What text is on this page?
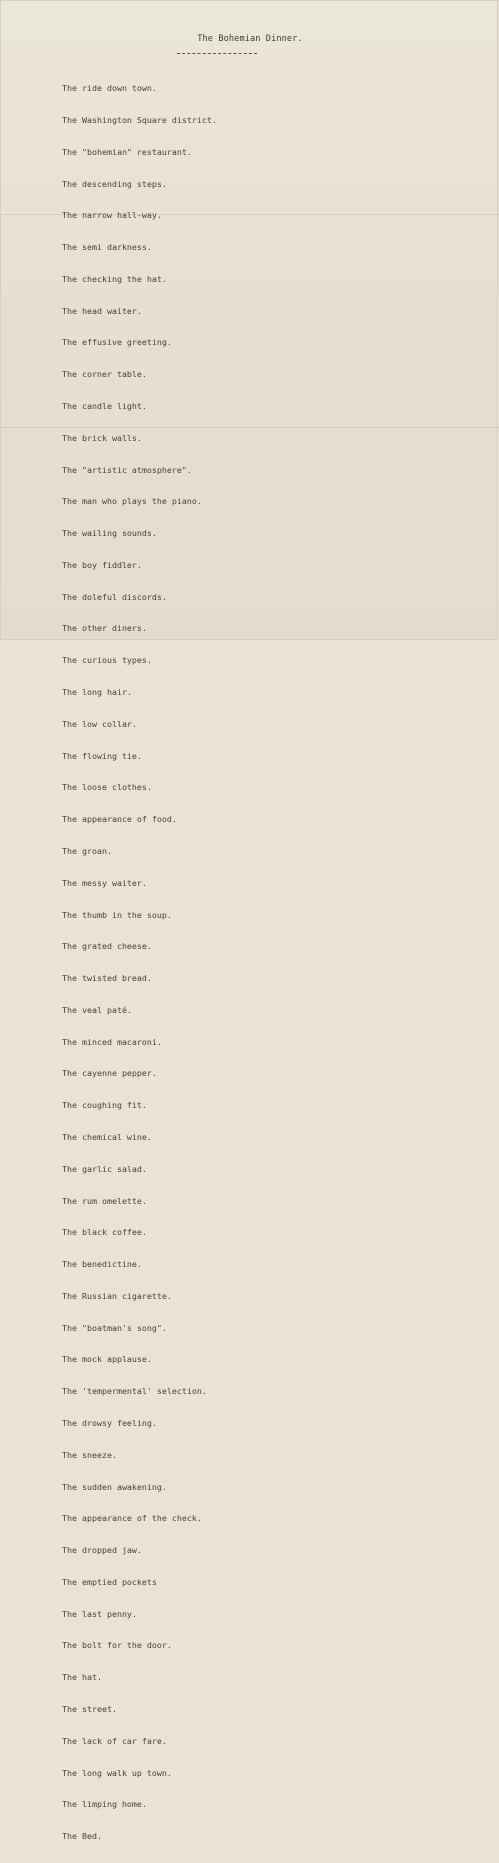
The Bohemian Dinner.

The ride down town.

The Washington Square district.

The "bohemian" restaurant.

The descending steps.

The narrow hall-way.

The semi darkness.

The checking the hat.

The head waiter.

The effusive greeting.

The corner table.

The candle light.

The brick walls.

The "artistic atmosphere".

The man who plays the piano.

The wailing sounds.

The boy fiddler.

The doleful discords.

The other diners.

The curious types.

The long hair.

The low collar.

The flowing tie.

The loose clothes.

The appearance of food.

The groan.

The messy waiter.

The thumb in the soup.

The grated cheese.

The twisted bread.

The veal paté.

The minced macaroni.

The cayenne pepper.

The coughing fit.

The chemical wine.

The garlic salad.

The rum omelette.

The black coffee.

The benedictine.

The Russian cigarette.

The "boatman's song".

The mock applause.

The 'tempermental' selection.

The drowsy feeling.

The sneeze.

The sudden awakening.

The appearance of the check.

The dropped jaw.

The emptied pockets

The last penny.

The bolt for the door.

The hat.

The street.

The lack of car fare.

The long walk up town.

The limping home.

The Bed.
